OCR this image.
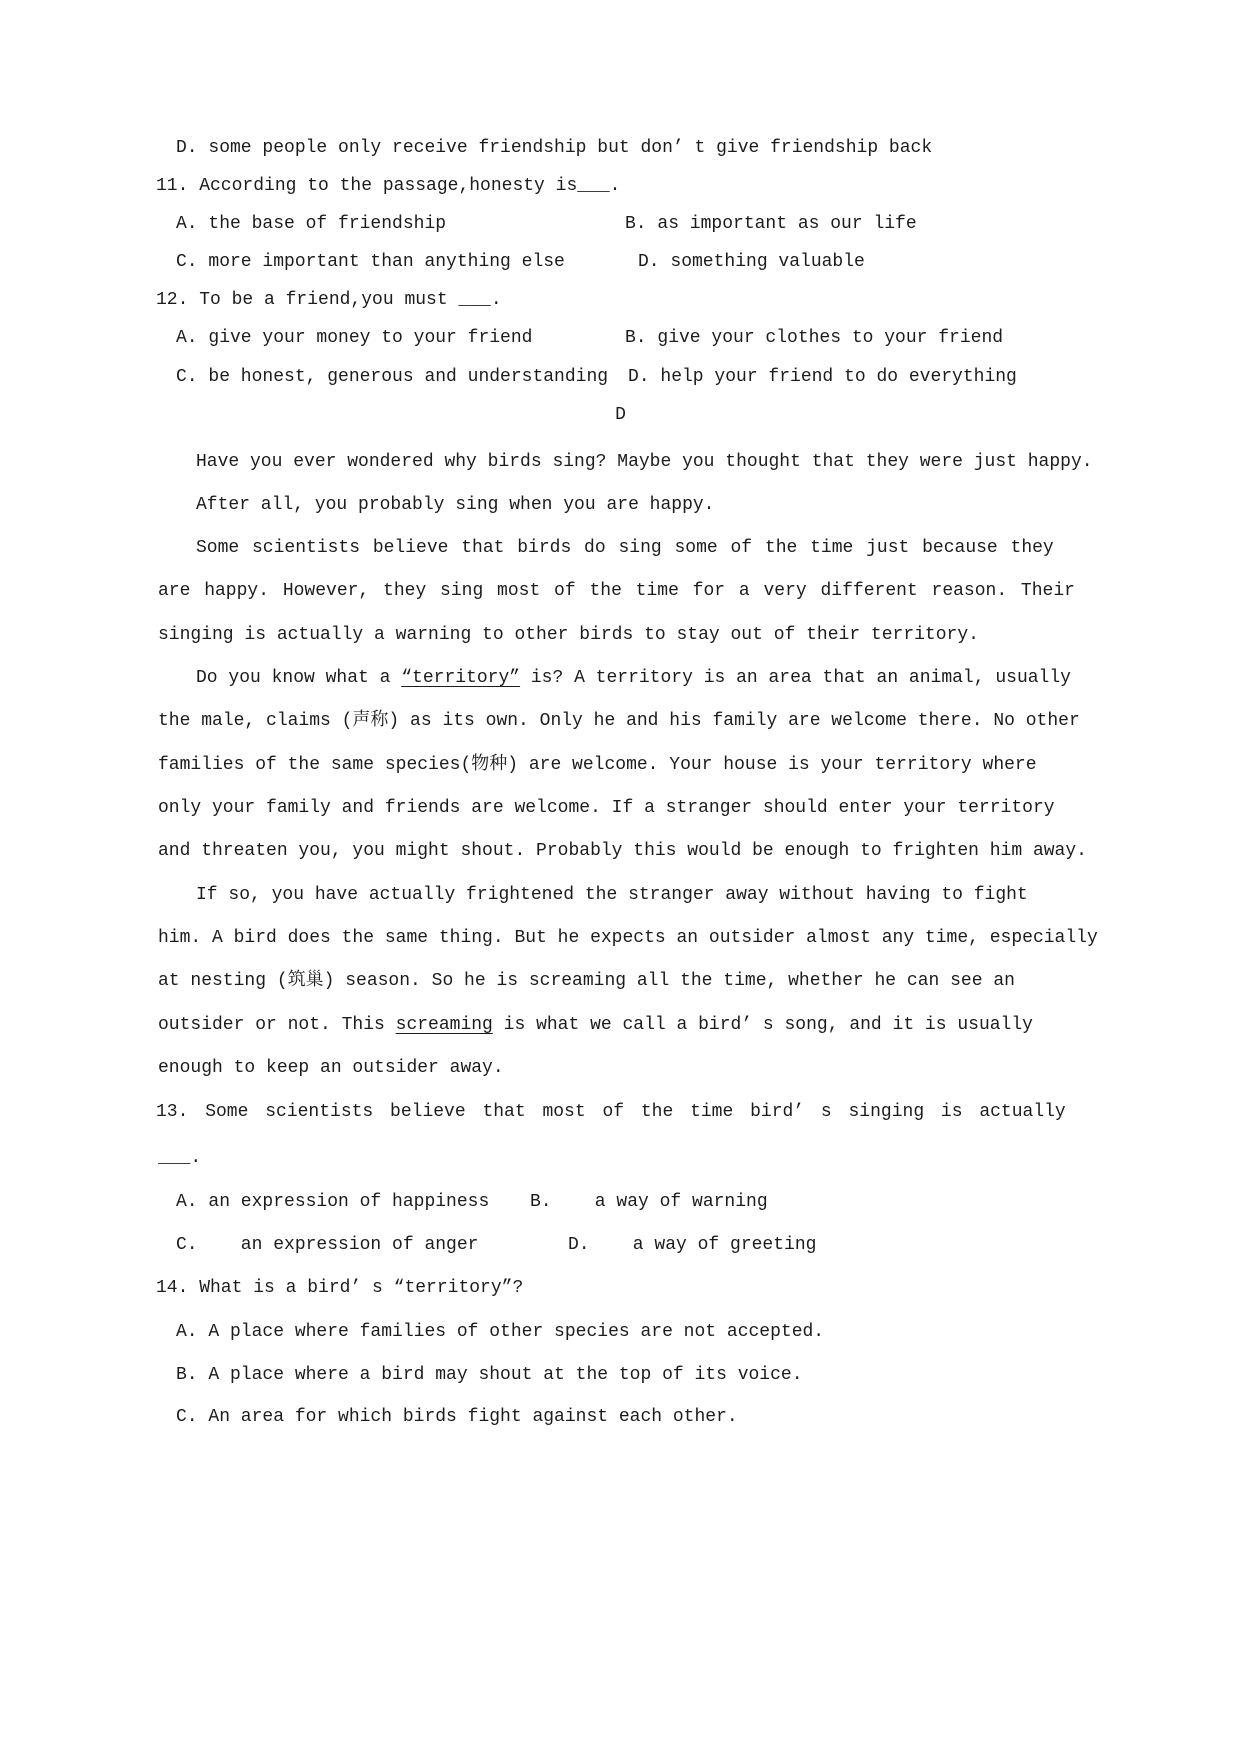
D. some people only receive friendship but don’ t give friendship back
11. According to the passage,honesty is___.
A. the base of friendship	B. as important as our life
C. more important than anything else	D. something valuable
12. To be a friend,you must ___.
A. give your money to your friend	B. give your clothes to your friend
C. be honest, generous and understanding D. help your friend to do everything
D
Have you ever wondered why birds sing? Maybe you thought that they were just happy.
After all, you probably sing when you are happy.
Some scientists believe that birds do sing some of the time just because they
are happy. However, they sing most of the time for a very different reason. Their
singing is actually a warning to other birds to stay out of their territory.
Do you know what a “territory” is? A territory is an area that an animal, usually
the male, claims (声称) as its own. Only he and his family are welcome there. No other
families of the same species(物种) are welcome. Your house is your territory where
only your family and friends are welcome. If a stranger should enter your territory
and threaten you, you might shout. Probably this would be enough to frighten him away.
If so, you have actually frightened the stranger away without having to fight
him. A bird does the same thing. But he expects an outsider almost any time, especially
at nesting (筑巢) season. So he is screaming all the time, whether he can see an
outsider or not. This screaming is what we call a bird’ s song, and it is usually
enough to keep an outsider away.
13. Some scientists believe that most of the time bird’ s singing is actually
___.
A. an expression of happiness B.    a way of warning
C.    an expression of anger	D.    a way of greeting
14. What is a bird’ s “territory”?
A. A place where families of other species are not accepted.
B. A place where a bird may shout at the top of its voice.
C. An area for which birds fight against each other.
